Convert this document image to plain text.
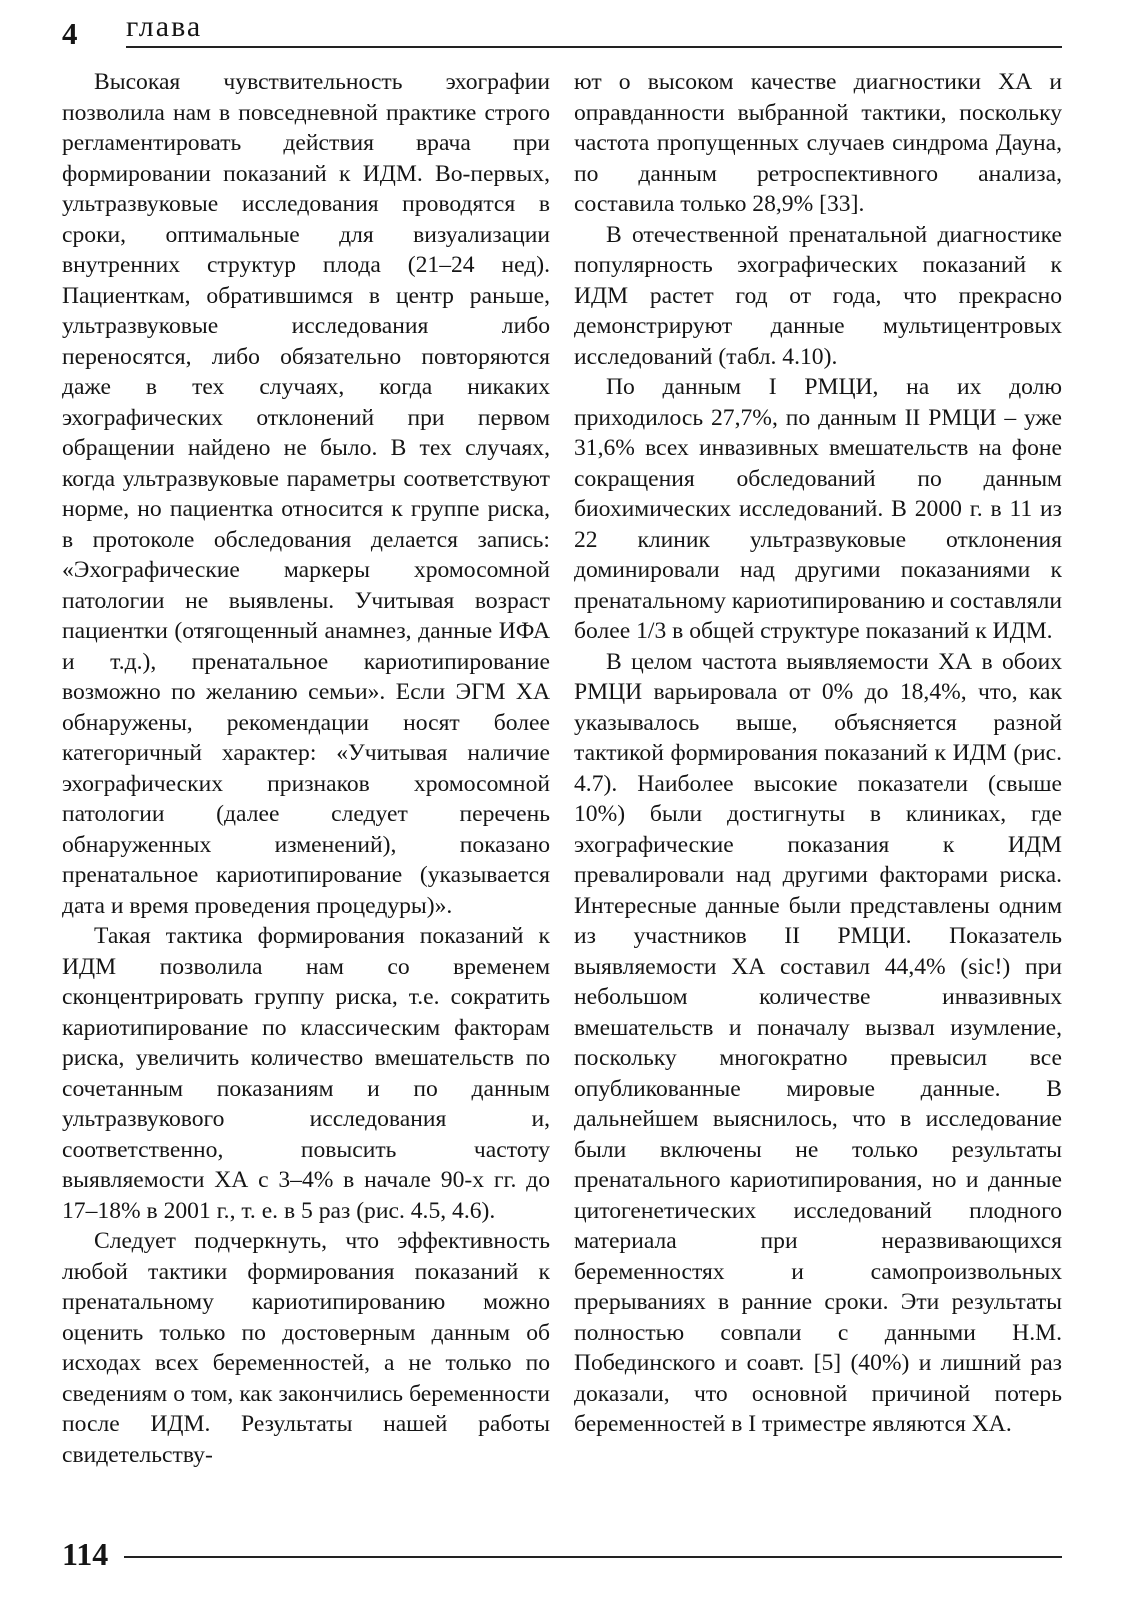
4 глава

Высокая чувствительность эхографии позволила нам в повседневной практике строго регламентировать действия врача при формировании показаний к ИДМ. Во-первых, ультразвуковые исследования проводятся в сроки, оптимальные для визуализации внутренних структур плода (21–24 нед). Пациенткам, обратившимся в центр раньше, ультразвуковые исследования либо переносятся, либо обязательно повторяются даже в тех случаях, когда никаких эхографических отклонений при первом обращении найдено не было. В тех случаях, когда ультразвуковые параметры соответствуют норме, но пациентка относится к группе риска, в протоколе обследования делается запись: «Эхографические маркеры хромосомной патологии не выявлены. Учитывая возраст пациентки (отягощенный анамнез, данные ИФА и т.д.), пренатальное кариотипирование возможно по желанию семьи». Если ЭГМ ХА обнаружены, рекомендации носят более категоричный характер: «Учитывая наличие эхографических признаков хромосомной патологии (далее следует перечень обнаруженных изменений), показано пренатальное кариотипирование (указывается дата и время проведения процедуры)».

Такая тактика формирования показаний к ИДМ позволила нам со временем сконцентрировать группу риска, т.е. сократить кариотипирование по классическим факторам риска, увеличить количество вмешательств по сочетанным показаниям и по данным ультразвукового исследования и, соответственно, повысить частоту выявляемости ХА с 3–4% в начале 90-х гг. до 17–18% в 2001 г., т. е. в 5 раз (рис. 4.5, 4.6).

Следует подчеркнуть, что эффективность любой тактики формирования показаний к пренатальному кариотипированию можно оценить только по достоверным данным об исходах всех беременностей, а не только по сведениям о том, как закончились беременности после ИДМ. Результаты нашей работы свидетельству-

ют о высоком качестве диагностики ХА и оправданности выбранной тактики, поскольку частота пропущенных случаев синдрома Дауна, по данным ретроспективного анализа, составила только 28,9% [33].

В отечественной пренатальной диагностике популярность эхографических показаний к ИДМ растет год от года, что прекрасно демонстрируют данные мультицентровых исследований (табл. 4.10).

По данным I РМЦИ, на их долю приходилось 27,7%, по данным II РМЦИ – уже 31,6% всех инвазивных вмешательств на фоне сокращения обследований по данным биохимических исследований. В 2000 г. в 11 из 22 клиник ультразвуковые отклонения доминировали над другими показаниями к пренатальному кариотипированию и составляли более 1/3 в общей структуре показаний к ИДМ.

В целом частота выявляемости ХА в обоих РМЦИ варьировала от 0% до 18,4%, что, как указывалось выше, объясняется разной тактикой формирования показаний к ИДМ (рис. 4.7). Наиболее высокие показатели (свыше 10%) были достигнуты в клиниках, где эхографические показания к ИДМ превалировали над другими факторами риска. Интересные данные были представлены одним из участников II РМЦИ. Показатель выявляемости ХА составил 44,4% (sic!) при небольшом количестве инвазивных вмешательств и поначалу вызвал изумление, поскольку многократно превысил все опубликованные мировые данные. В дальнейшем выяснилось, что в исследование были включены не только результаты пренатального кариотипирования, но и данные цитогенетических исследований плодного материала при неразвивающихся беременностях и самопроизвольных прерываниях в ранние сроки. Эти результаты полностью совпали с данными Н.М. Побединского и соавт. [5] (40%) и лишний раз доказали, что основной причиной потерь беременностей в I триместре являются ХА.

114
